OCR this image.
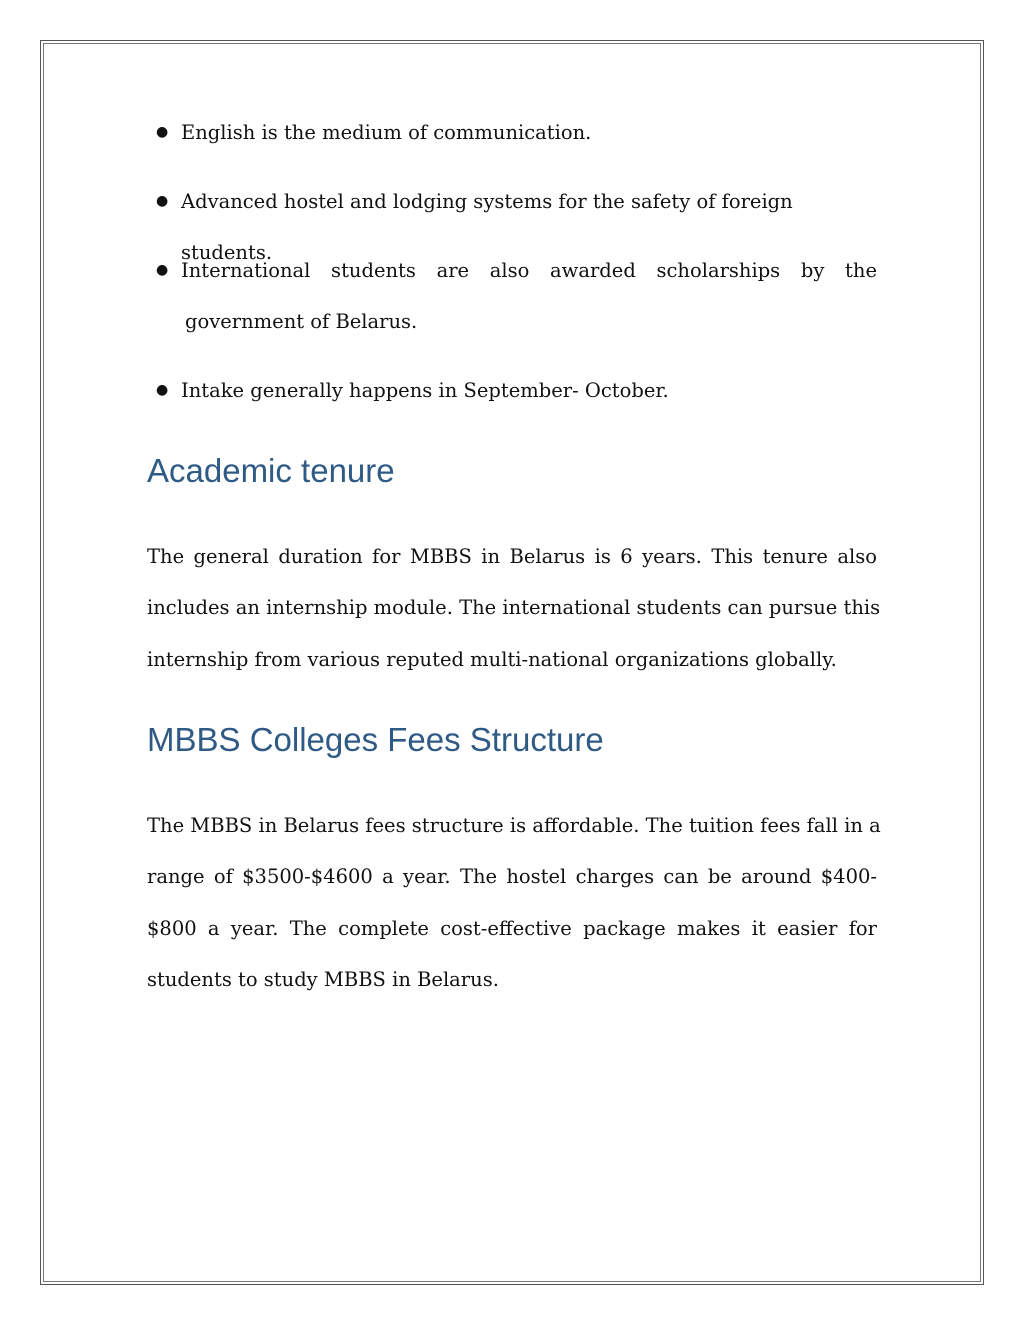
● English is the medium of communication.
● Advanced hostel and lodging systems for the safety of foreign students.
● International students are also awarded scholarships by the
government of Belarus.
● Intake generally happens in September- October.
Academic tenure

The general duration for MBBS in Belarus is 6 years. This tenure also
includes an internship module. The international students can pursue this
internship from various reputed multi-national organizations globally.

MBBS Colleges Fees Structure

The MBBS in Belarus fees structure is affordable. The tuition fees fall in a
range of $3500-$4600 a year. The hostel charges can be around $400-
$800 a year. The complete cost-effective package makes it easier for
students to study MBBS in Belarus.
